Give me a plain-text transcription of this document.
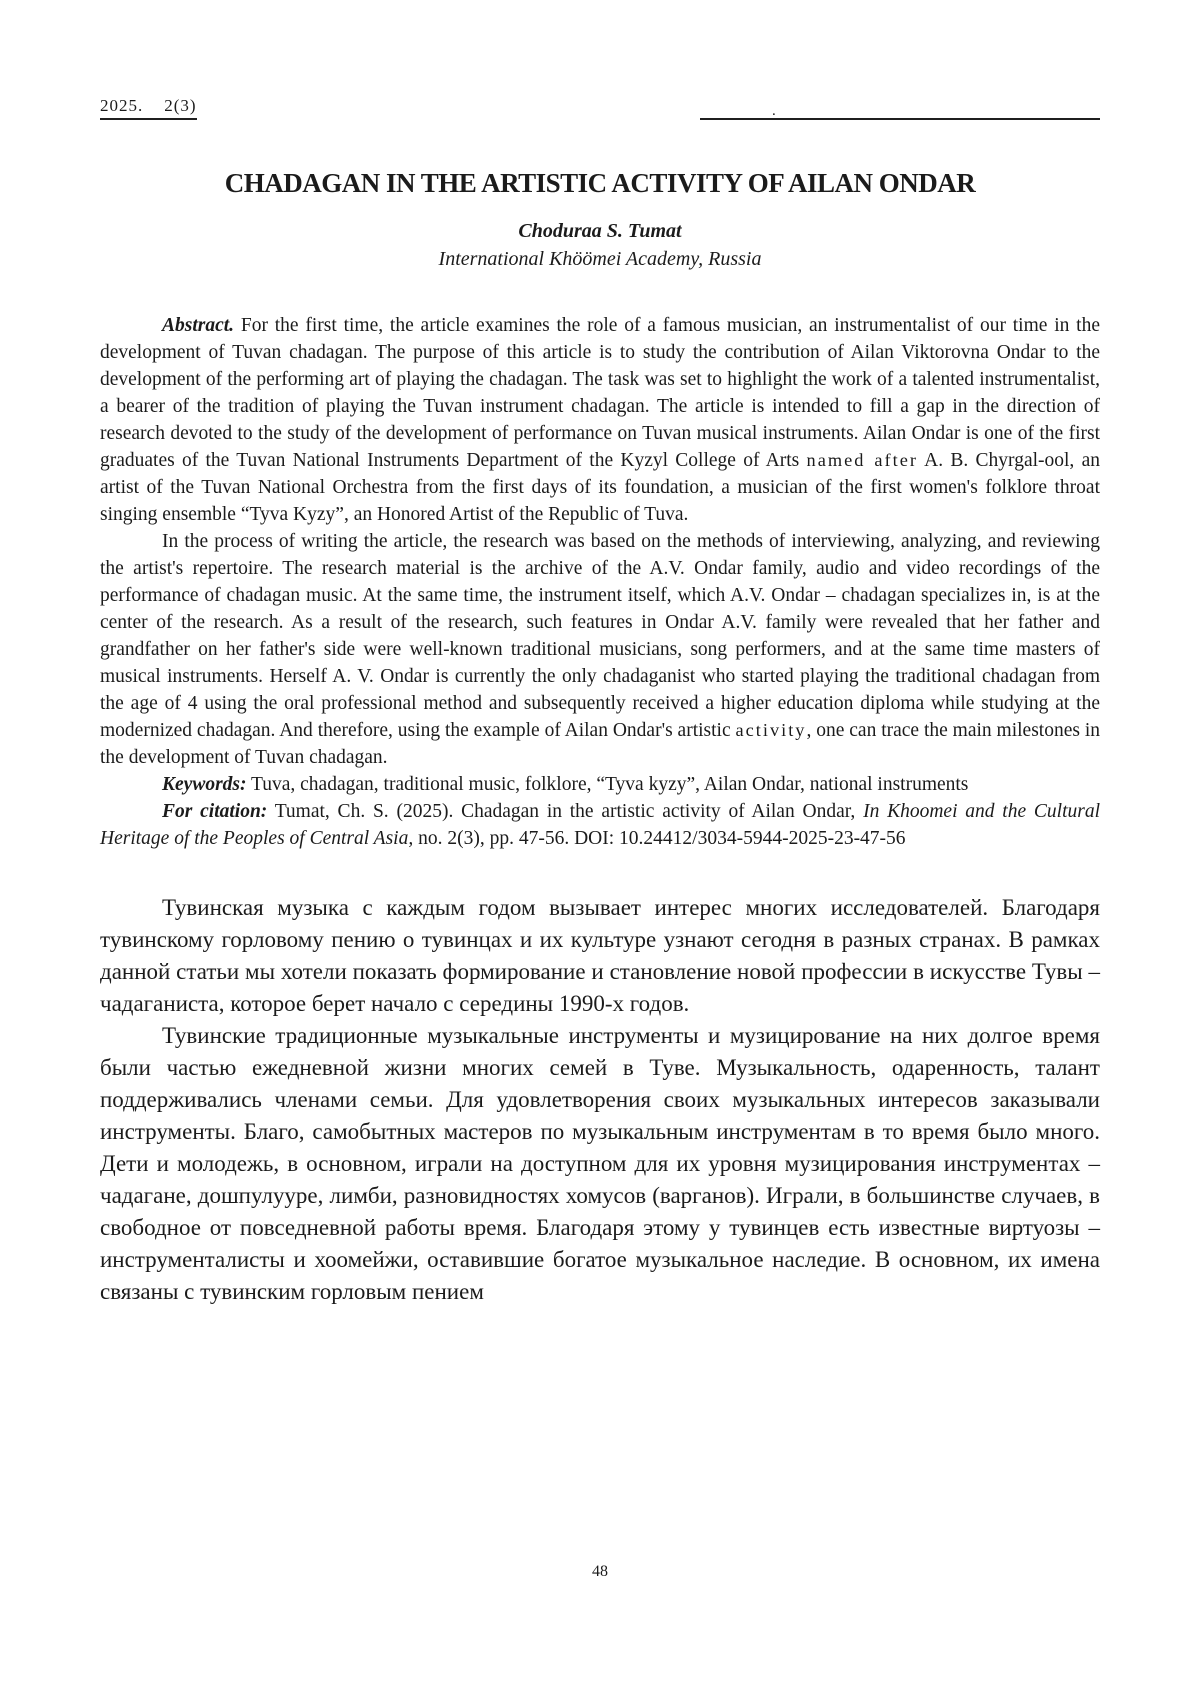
2025.    2(3)	.
CHADAGAN IN THE ARTISTIC ACTIVITY OF AILAN ONDAR
Choduraa S. Tumat
International Khöömei Academy, Russia

Abstract. For the first time, the article examines the role of a famous musician, an instrumentalist of our time in the development of Tuvan chadagan. The purpose of this article is to study the contribution of Ailan Viktorovna Ondar to the development of the performing art of playing the chadagan. The task was set to highlight the work of a talented instrumentalist, a bearer of the tradition of playing the Tuvan instrument chadagan. The article is intended to fill a gap in the direction of research devoted to the study of the development of performance on Tuvan musical instruments. Ailan Ondar is one of the first graduates of the Tuvan National Instruments Department of the Kyzyl College of Arts named after A. B. Chyrgal-ool, an artist of the Tuvan National Orchestra from the first days of its foundation, a musician of the first women's folklore throat singing ensemble “Tyva Kyzy”, an Honored Artist of the Republic of Tuva.

In the process of writing the article, the research was based on the methods of interviewing, analyzing, and reviewing the artist's repertoire. The research material is the archive of the A.V. Ondar family, audio and video recordings of the performance of chadagan music. At the same time, the instrument itself, which A.V. Ondar – chadagan specializes in, is at the center of the research. As a result of the research, such features in Ondar A.V. family were revealed that her father and grandfather on her father's side were well-known traditional musicians, song performers, and at the same time masters of musical instruments. Herself A. V. Ondar is currently the only chadaganist who started playing the traditional chadagan from the age of 4 using the oral professional method and subsequently received a higher education diploma while studying at the modernized chadagan. And therefore, using the example of Ailan Ondar's artistic activity, one can trace the main milestones in the development of Tuvan chadagan.

Keywords: Tuva, chadagan, traditional music, folklore, “Tyva kyzy”, Ailan Ondar, national instruments

For citation: Tumat, Ch. S. (2025). Chadagan in the artistic activity of Ailan Ondar, In Khoomei and the Cultural Heritage of the Peoples of Central Asia, no. 2(3), pp. 47-56. DOI: 10.24412/3034-5944-2025-23-47-56

Тувинская музыка с каждым годом вызывает интерес многих исследователей. Благодаря тувинскому горловому пению о тувинцах и их культуре узнают сегодня в разных странах. В рамках данной статьи мы хотели показать формирование и становление новой профессии в искусстве Тувы – чадаганиста, которое берет начало с середины 1990-х годов.

Тувинские традиционные музыкальные инструменты и музицирование на них долгое время были частью ежедневной жизни многих семей в Туве. Музыкальность, одаренность, талант поддерживались членами семьи. Для удовлетворения своих музыкальных интересов заказывали инструменты. Благо, самобытных мастеров по музыкальным инструментам в то время было много. Дети и молодежь, в основном, играли на доступном для их уровня музицирования инструментах – чадагане, дошпулууре, лимби, разновидностях хомусов (варганов). Играли, в большинстве случаев, в свободное от повседневной работы время. Благодаря этому у тувинцев есть известные виртуозы – инструменталисты и хоомейжи, оставившие богатое музыкальное наследие. В основном, их имена связаны с тувинским горловым пением

48
